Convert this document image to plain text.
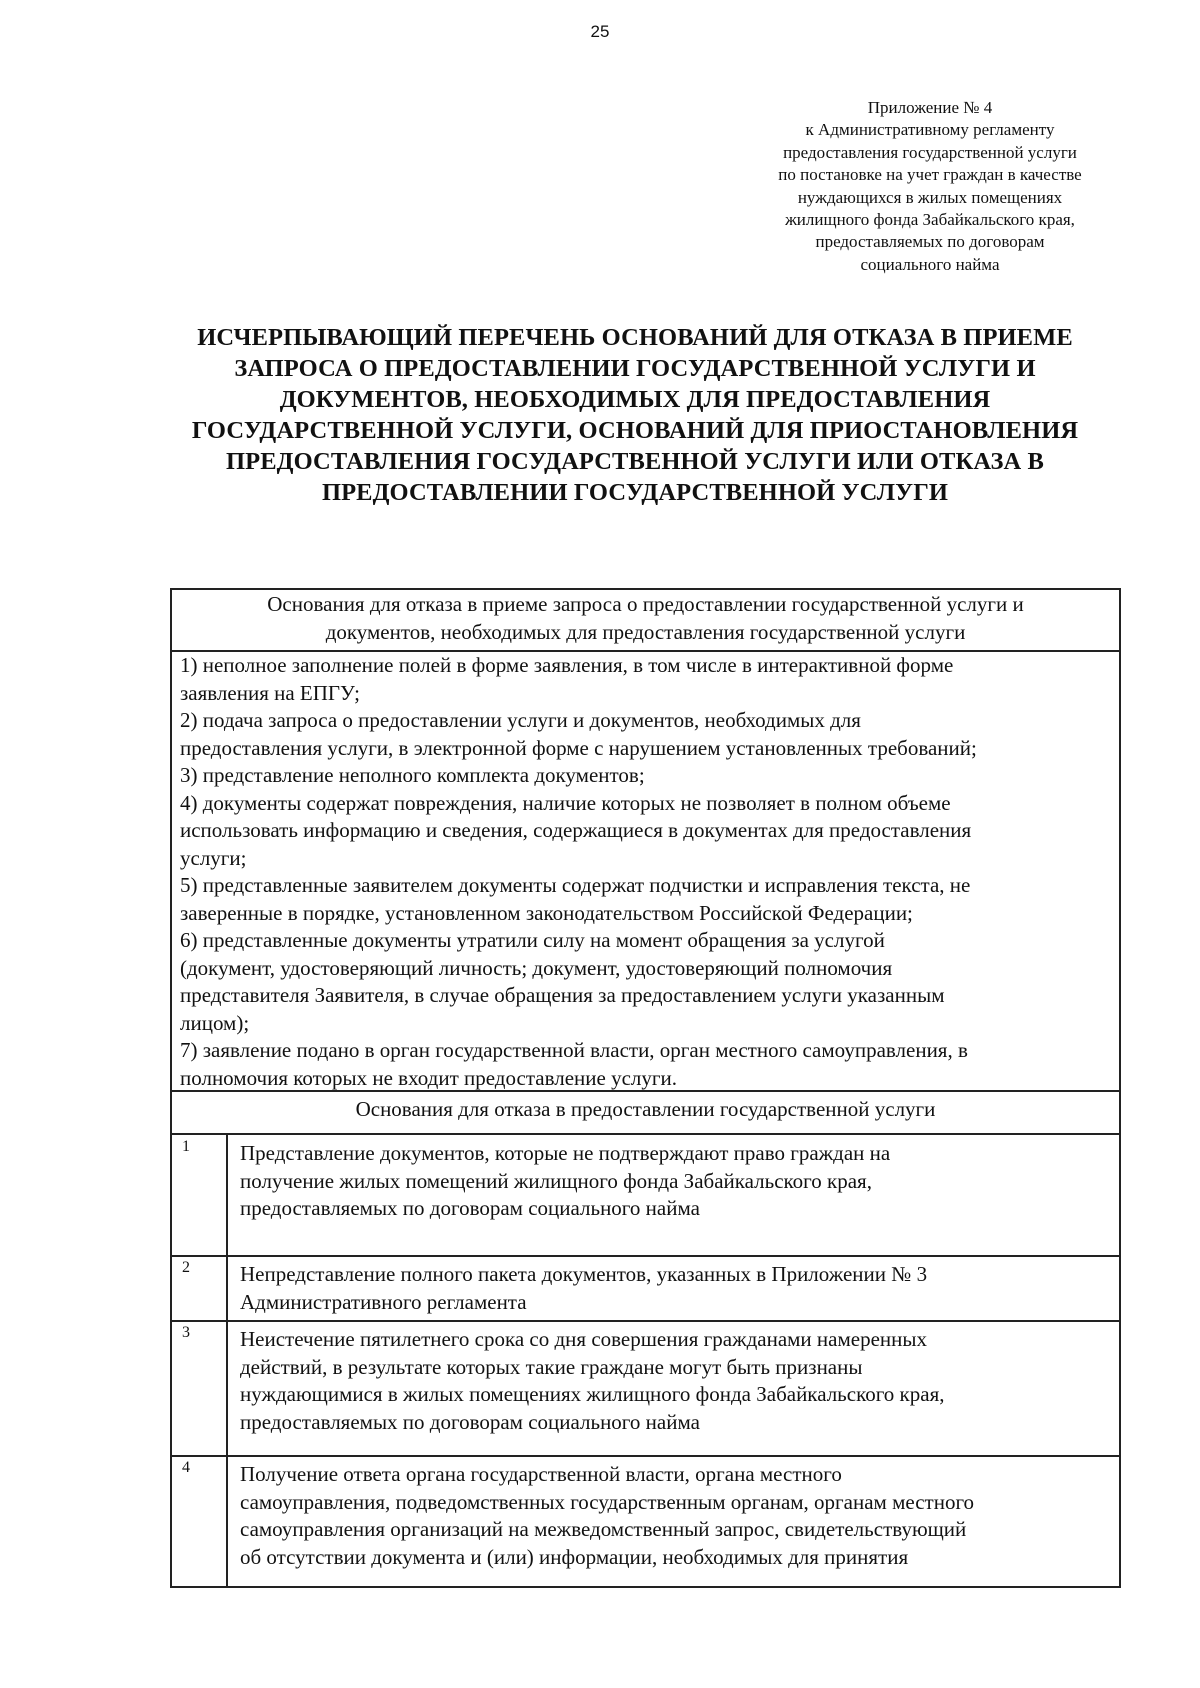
25
Приложение № 4
к Административному регламенту
предоставления государственной услуги
по постановке на учет граждан в качестве
нуждающихся в жилых помещениях
жилищного фонда Забайкальского края,
предоставляемых по договорам
социального найма
ИСЧЕРПЫВАЮЩИЙ ПЕРЕЧЕНЬ ОСНОВАНИЙ ДЛЯ ОТКАЗА В ПРИЕМЕ
ЗАПРОСА О ПРЕДОСТАВЛЕНИИ ГОСУДАРСТВЕННОЙ УСЛУГИ И
ДОКУМЕНТОВ, НЕОБХОДИМЫХ ДЛЯ ПРЕДОСТАВЛЕНИЯ
ГОСУДАРСТВЕННОЙ УСЛУГИ, ОСНОВАНИЙ ДЛЯ ПРИОСТАНОВЛЕНИЯ
ПРЕДОСТАВЛЕНИЯ ГОСУДАРСТВЕННОЙ УСЛУГИ ИЛИ ОТКАЗА В
ПРЕДОСТАВЛЕНИИ ГОСУДАРСТВЕННОЙ УСЛУГИ
Основания для отказа в приеме запроса о предоставлении государственной услуги и
документов, необходимых для предоставления государственной услуги
1) неполное заполнение полей в форме заявления, в том числе в интерактивной форме
заявления на ЕПГУ;
2) подача запроса о предоставлении услуги и документов, необходимых для
предоставления услуги, в электронной форме с нарушением установленных требований;
3) представление неполного комплекта документов;
4) документы содержат повреждения, наличие которых не позволяет в полном объеме
использовать информацию и сведения, содержащиеся в документах для предоставления
услуги;
5) представленные заявителем документы содержат подчистки и исправления текста, не
заверенные в порядке, установленном законодательством Российской Федерации;
6) представленные документы утратили силу на момент обращения за услугой
(документ, удостоверяющий личность; документ, удостоверяющий полномочия
представителя Заявителя, в случае обращения за предоставлением услуги указанным
лицом);
7) заявление подано в орган государственной власти, орган местного самоуправления, в
полномочия которых не входит предоставление услуги.
Основания для отказа в предоставлении государственной услуги
1 Представление документов, которые не подтверждают право граждан на
получение жилых помещений жилищного фонда Забайкальского края,
предоставляемых по договорам социального найма
2 Непредставление полного пакета документов, указанных в Приложении № 3
Административного регламента
3 Неистечение пятилетнего срока со дня совершения гражданами намеренных
действий, в результате которых такие граждане могут быть признаны
нуждающимися в жилых помещениях жилищного фонда Забайкальского края,
предоставляемых по договорам социального найма
4 Получение ответа органа государственной власти, органа местного
самоуправления, подведомственных государственным органам, органам местного
самоуправления организаций на межведомственный запрос, свидетельствующий
об отсутствии документа и (или) информации, необходимых для принятия
